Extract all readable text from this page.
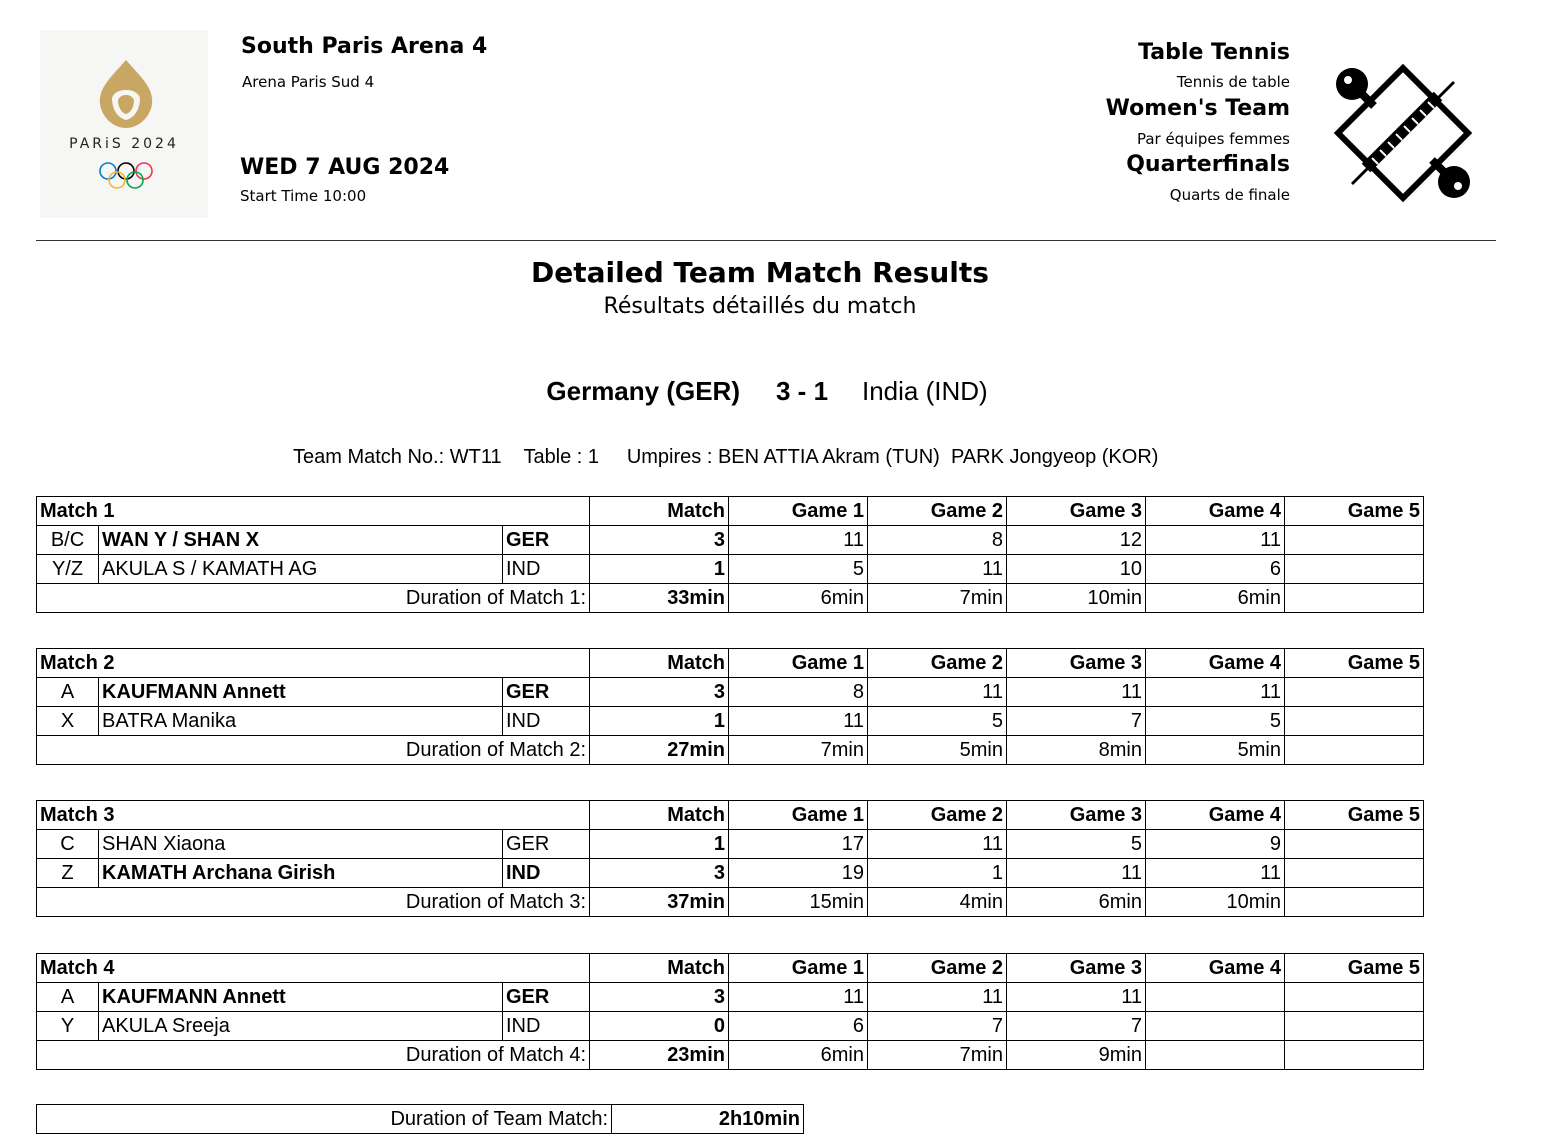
PARiS 2024
South Paris Arena 4
Arena Paris Sud 4
WED 7 AUG 2024
Start Time 10:00
Table Tennis
Tennis de table
Women's Team
Par équipes femmes
Quarterfinals
Quarts de finale
Detailed Team Match Results
Résultats détaillés du match
Germany (GER) 3 - 1 India (IND)
Team Match No.: WT11    Table : 1     Umpires : BEN ATTIA Akram (TUN)  PARK Jongyeop (KOR)
Match 1			Match	Game 1	Game 2	Game 3	Game 4	Game 5
B/C	WAN Y / SHAN X	GER	3	11	8	12	11	
Y/Z	AKULA S / KAMATH AG	IND	1	5	11	10	6	
Duration of Match 1:			33min	6min	7min	10min	6min	
Match 2			Match	Game 1	Game 2	Game 3	Game 4	Game 5
A	KAUFMANN Annett	GER	3	8	11	11	11	
X	BATRA Manika	IND	1	11	5	7	5	
Duration of Match 2:			27min	7min	5min	8min	5min	
Match 3			Match	Game 1	Game 2	Game 3	Game 4	Game 5
C	SHAN Xiaona	GER	1	17	11	5	9	
Z	KAMATH Archana Girish	IND	3	19	1	11	11	
Duration of Match 3:			37min	15min	4min	6min	10min	
Match 4			Match	Game 1	Game 2	Game 3	Game 4	Game 5
A	KAUFMANN Annett	GER	3	11	11	11		
Y	AKULA Sreeja	IND	0	6	7	7		
Duration of Match 4:			23min	6min	7min	9min		
Duration of Team Match:	2h10min
